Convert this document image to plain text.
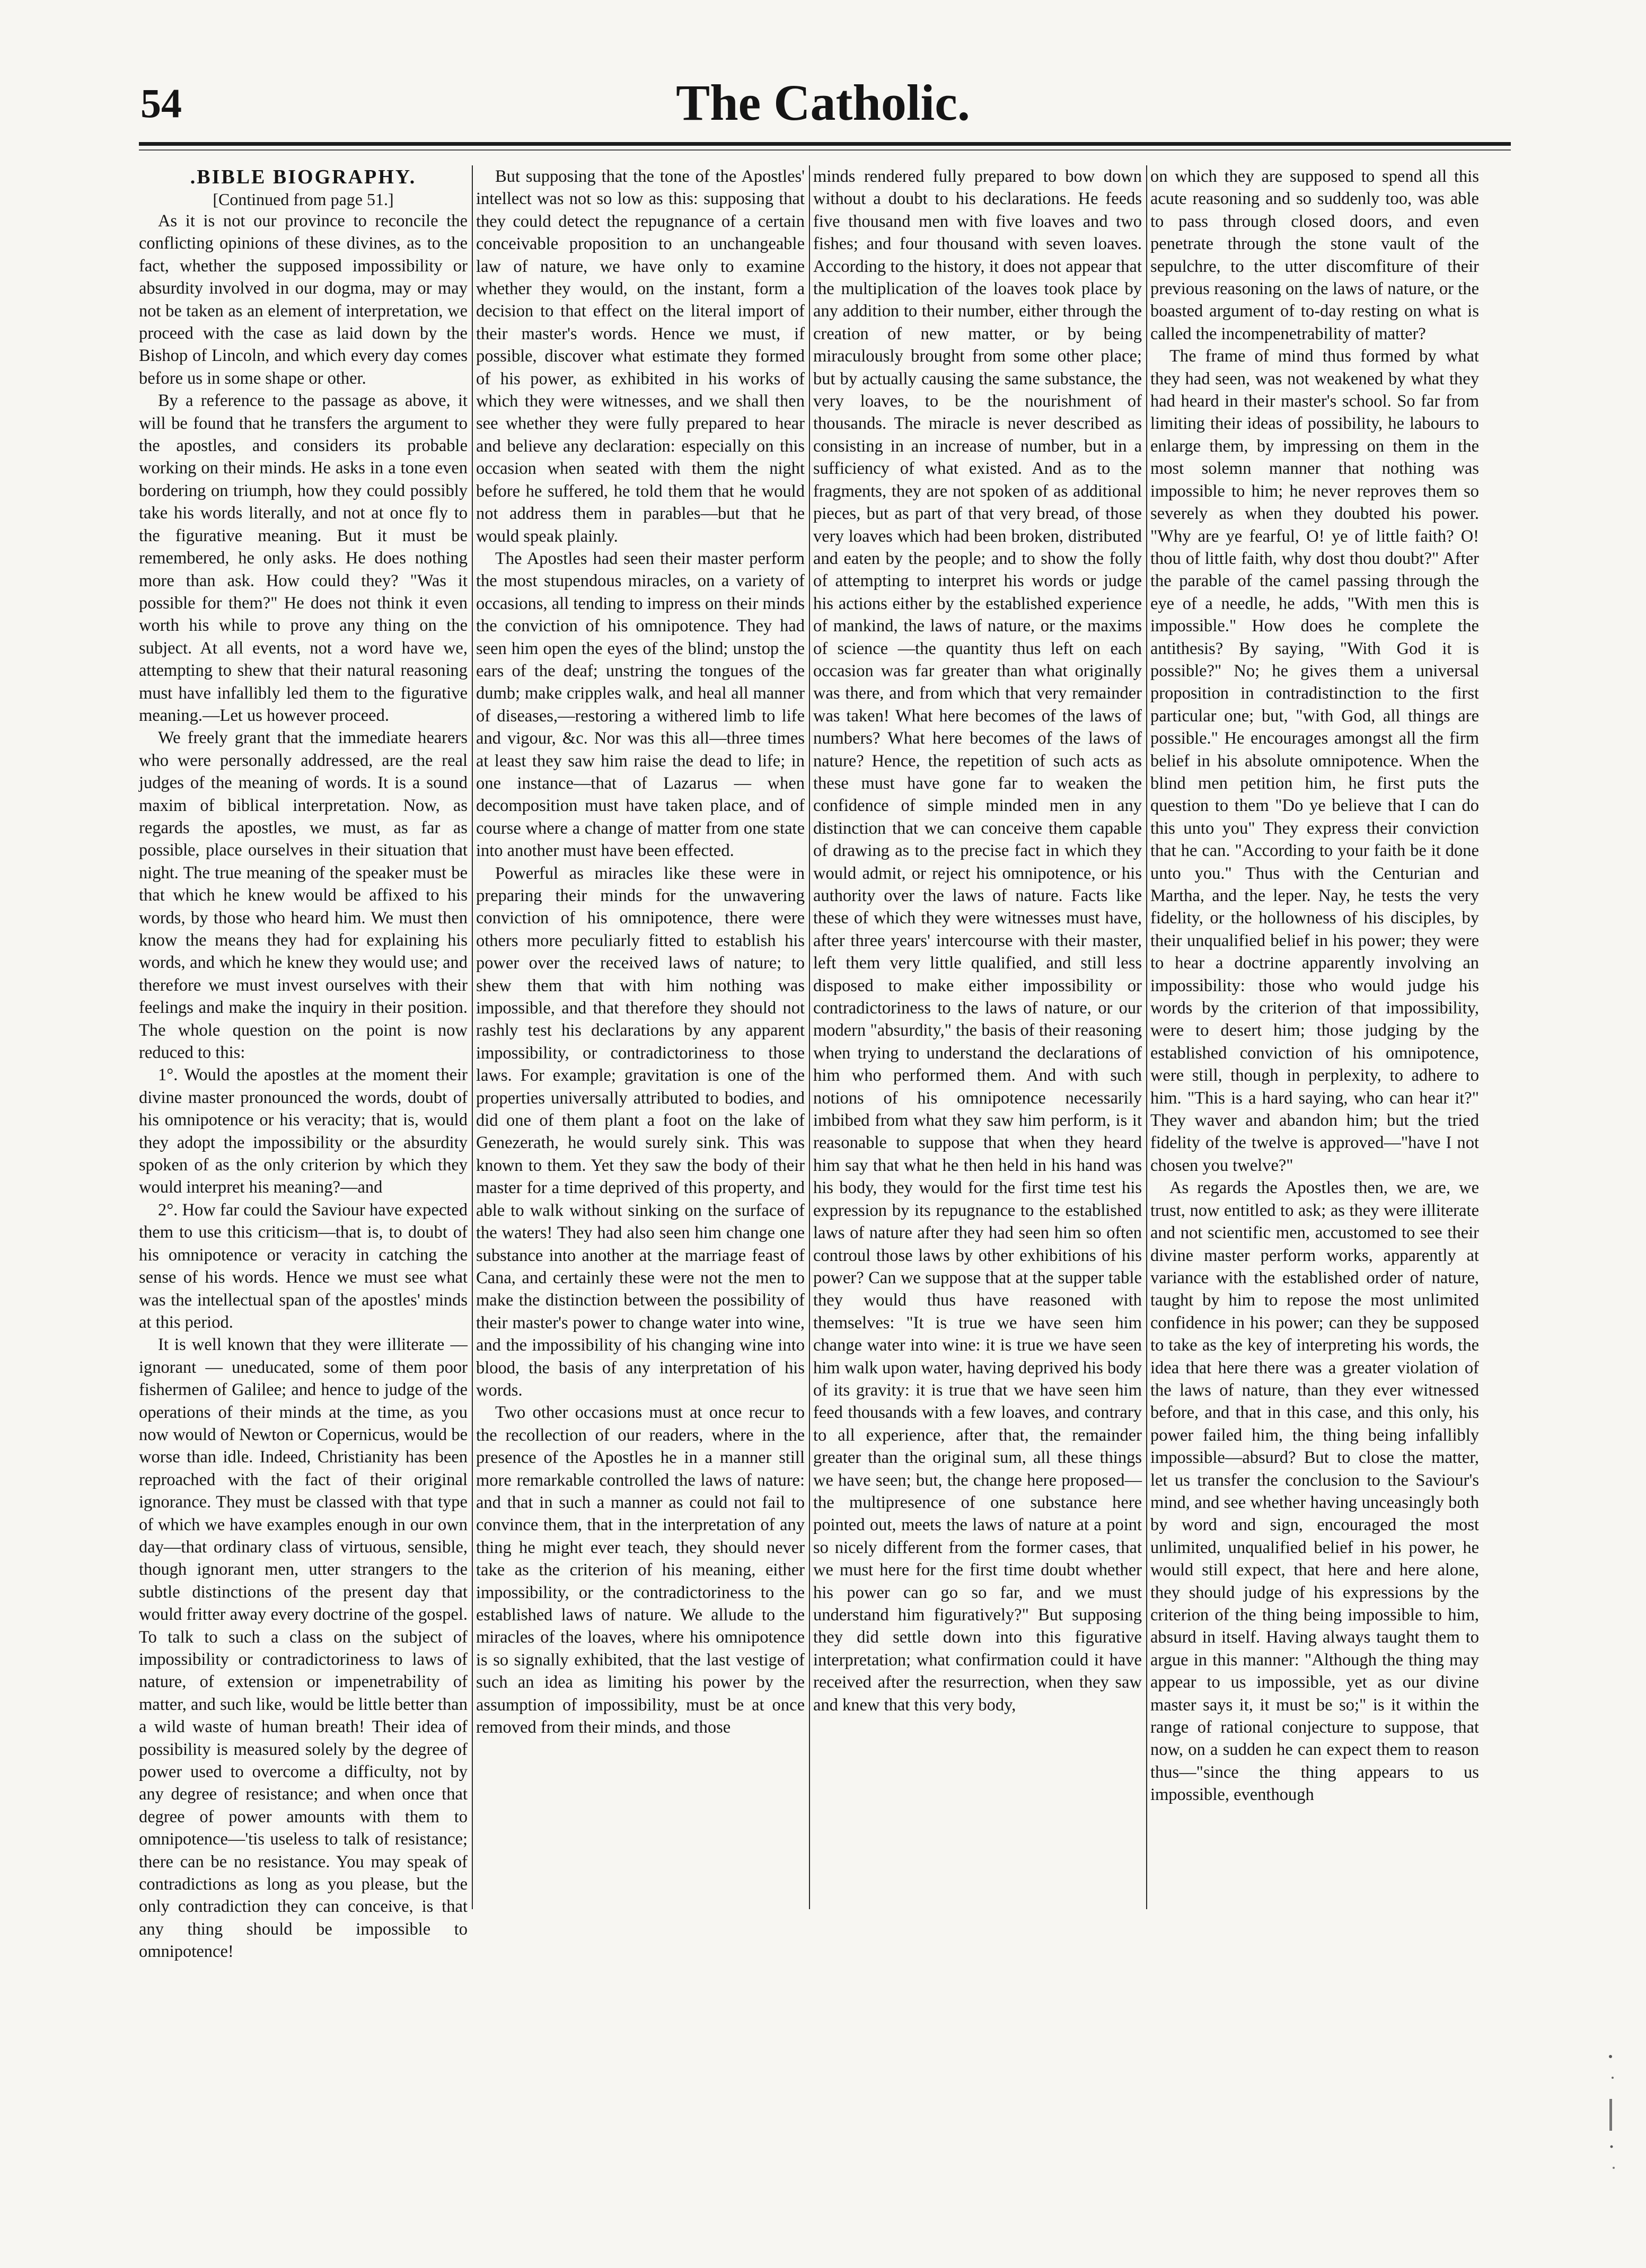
54	The Catholic.

.BIBLE BIOGRAPHY.

[Continued from page 51.]

As it is not our province to reconcile the conflicting opinions of these divines, as to the fact, whether the supposed impossibility or absurdity involved in our dogma, may or may not be taken as an element of interpretation, we proceed with the case as laid down by the Bishop of Lincoln, and which every day comes before us in some shape or other.

By a reference to the passage as above, it will be found that he transfers the argument to the apostles, and considers its probable working on their minds. He asks in a tone even bordering on triumph, how they could possibly take his words literally, and not at once fly to the figurative meaning. But it must be remembered, he only asks. He does nothing more than ask. How could they? "Was it possible for them?" He does not think it even worth his while to prove any thing on the subject. At all events, not a word have we, attempting to shew that their natural reasoning must have infallibly led them to the figurative meaning.—Let us however proceed.

We freely grant that the immediate hearers who were personally addressed, are the real judges of the meaning of words. It is a sound maxim of biblical interpretation. Now, as regards the apostles, we must, as far as possible, place ourselves in their situation that night. The true meaning of the speaker must be that which he knew would be affixed to his words, by those who heard him. We must then know the means they had for explaining his words, and which he knew they would use; and therefore we must invest ourselves with their feelings and make the inquiry in their position. The whole question on the point is now reduced to this:

1°. Would the apostles at the moment their divine master pronounced the words, doubt of his omnipotence or his veracity; that is, would they adopt the impossibility or the absurdity spoken of as the only criterion by which they would interpret his meaning?—and

2°. How far could the Saviour have expected them to use this criticism—that is, to doubt of his omnipotence or veracity in catching the sense of his words. Hence we must see what was the intellectual span of the apostles' minds at this period.

It is well known that they were illiterate — ignorant — uneducated, some of them poor fishermen of Galilee; and hence to judge of the operations of their minds at the time, as you now would of Newton or Copernicus, would be worse than idle. Indeed, Christianity has been reproached with the fact of their original ignorance. They must be classed with that type of which we have examples enough in our own day—that ordinary class of virtuous, sensible, though ignorant men, utter strangers to the subtle distinctions of the present day that would fritter away every doctrine of the gospel. To talk to such a class on the subject of impossibility or contradictoriness to laws of nature, of extension or impenetrability of matter, and such like, would be little better than a wild waste of human breath! Their idea of possibility is measured solely by the degree of power used to overcome a difficulty, not by any degree of resistance; and when once that degree of power amounts with them to omnipotence—'tis useless to talk of resistance; there can be no resistance. You may speak of contradictions as long as you please, but the only contradiction they can conceive, is that any thing should be impossible to omnipotence!

But supposing that the tone of the Apostles' intellect was not so low as this: supposing that they could detect the repugnance of a certain conceivable proposition to an unchangeable law of nature, we have only to examine whether they would, on the instant, form a decision to that effect on the literal import of their master's words. Hence we must, if possible, discover what estimate they formed of his power, as exhibited in his works of which they were witnesses, and we shall then see whether they were fully prepared to hear and believe any declaration: especially on this occasion when seated with them the night before he suffered, he told them that he would not address them in parables—but that he would speak plainly.

The Apostles had seen their master perform the most stupendous miracles, on a variety of occasions, all tending to impress on their minds the conviction of his omnipotence. They had seen him open the eyes of the blind; unstop the ears of the deaf; unstring the tongues of the dumb; make cripples walk, and heal all manner of diseases,—restoring a withered limb to life and vigour, &c. Nor was this all—three times at least they saw him raise the dead to life; in one instance—that of Lazarus — when decomposition must have taken place, and of course where a change of matter from one state into another must have been effected.

Powerful as miracles like these were in preparing their minds for the unwavering conviction of his omnipotence, there were others more peculiarly fitted to establish his power over the received laws of nature; to shew them that with him nothing was impossible, and that therefore they should not rashly test his declarations by any apparent impossibility, or contradictoriness to those laws. For example; gravitation is one of the properties universally attributed to bodies, and did one of them plant a foot on the lake of Genezerath, he would surely sink. This was known to them. Yet they saw the body of their master for a time deprived of this property, and able to walk without sinking on the surface of the waters! They had also seen him change one substance into another at the marriage feast of Cana, and certainly these were not the men to make the distinction between the possibility of their master's power to change water into wine, and the impossibility of his changing wine into blood, the basis of any interpretation of his words.

Two other occasions must at once recur to the recollection of our readers, where in the presence of the Apostles he in a manner still more remarkable controlled the laws of nature: and that in such a manner as could not fail to convince them, that in the interpretation of any thing he might ever teach, they should never take as the criterion of his meaning, either impossibility, or the contradictoriness to the established laws of nature. We allude to the miracles of the loaves, where his omnipotence is so signally exhibited, that the last vestige of such an idea as limiting his power by the assumption of impossibility, must be at once removed from their minds, and those

minds rendered fully prepared to bow down without a doubt to his declarations. He feeds five thousand men with five loaves and two fishes; and four thousand with seven loaves. According to the history, it does not appear that the multiplication of the loaves took place by any addition to their number, either through the creation of new matter, or by being miraculously brought from some other place; but by actually causing the same substance, the very loaves, to be the nourishment of thousands. The miracle is never described as consisting in an increase of number, but in a sufficiency of what existed. And as to the fragments, they are not spoken of as additional pieces, but as part of that very bread, of those very loaves which had been broken, distributed and eaten by the people; and to show the folly of attempting to interpret his words or judge his actions either by the established experience of mankind, the laws of nature, or the maxims of science —the quantity thus left on each occasion was far greater than what originally was there, and from which that very remainder was taken! What here becomes of the laws of numbers? What here becomes of the laws of nature? Hence, the repetition of such acts as these must have gone far to weaken the confidence of simple minded men in any distinction that we can conceive them capable of drawing as to the precise fact in which they would admit, or reject his omnipotence, or his authority over the laws of nature. Facts like these of which they were witnesses must have, after three years' intercourse with their master, left them very little qualified, and still less disposed to make either impossibility or contradictoriness to the laws of nature, or our modern "absurdity," the basis of their reasoning when trying to understand the declarations of him who performed them. And with such notions of his omnipotence necessarily imbibed from what they saw him perform, is it reasonable to suppose that when they heard him say that what he then held in his hand was his body, they would for the first time test his expression by its repugnance to the established laws of nature after they had seen him so often controul those laws by other exhibitions of his power? Can we suppose that at the supper table they would thus have reasoned with themselves: "It is true we have seen him change water into wine: it is true we have seen him walk upon water, having deprived his body of its gravity: it is true that we have seen him feed thousands with a few loaves, and contrary to all experience, after that, the remainder greater than the original sum, all these things we have seen; but, the change here proposed—the multipresence of one substance here pointed out, meets the laws of nature at a point so nicely different from the former cases, that we must here for the first time doubt whether his power can go so far, and we must understand him figuratively?" But supposing they did settle down into this figurative interpretation; what confirmation could it have received after the resurrection, when they saw and knew that this very body,

on which they are supposed to spend all this acute reasoning and so suddenly too, was able to pass through closed doors, and even penetrate through the stone vault of the sepulchre, to the utter discomfiture of their previous reasoning on the laws of nature, or the boasted argument of to-day resting on what is called the incompenetrability of matter?

The frame of mind thus formed by what they had seen, was not weakened by what they had heard in their master's school. So far from limiting their ideas of possibility, he labours to enlarge them, by impressing on them in the most solemn manner that nothing was impossible to him; he never reproves them so severely as when they doubted his power. "Why are ye fearful, O! ye of little faith? O! thou of little faith, why dost thou doubt?" After the parable of the camel passing through the eye of a needle, he adds, "With men this is impossible." How does he complete the antithesis? By saying, "With God it is possible?" No; he gives them a universal proposition in contradistinction to the first particular one; but, "with God, all things are possible." He encourages amongst all the firm belief in his absolute omnipotence. When the blind men petition him, he first puts the question to them "Do ye believe that I can do this unto you" They express their conviction that he can. "According to your faith be it done unto you." Thus with the Centurian and Martha, and the leper. Nay, he tests the very fidelity, or the hollowness of his disciples, by their unqualified belief in his power; they were to hear a doctrine apparently involving an impossibility: those who would judge his words by the criterion of that impossibility, were to desert him; those judging by the established conviction of his omnipotence, were still, though in perplexity, to adhere to him. "This is a hard saying, who can hear it?" They waver and abandon him; but the tried fidelity of the twelve is approved—"have I not chosen you twelve?"

As regards the Apostles then, we are, we trust, now entitled to ask; as they were illiterate and not scientific men, accustomed to see their divine master perform works, apparently at variance with the established order of nature, taught by him to repose the most unlimited confidence in his power; can they be supposed to take as the key of interpreting his words, the idea that here there was a greater violation of the laws of nature, than they ever witnessed before, and that in this case, and this only, his power failed him, the thing being infallibly impossible—absurd? But to close the matter, let us transfer the conclusion to the Saviour's mind, and see whether having unceasingly both by word and sign, encouraged the most unlimited, unqualified belief in his power, he would still expect, that here and here alone, they should judge of his expressions by the criterion of the thing being impossible to him, absurd in itself. Having always taught them to argue in this manner: "Although the thing may appear to us impossible, yet as our divine master says it, it must be so;" is it within the range of rational conjecture to suppose, that now, on a sudden he can expect them to reason thus—"since the thing appears to us impossible, eventhough
